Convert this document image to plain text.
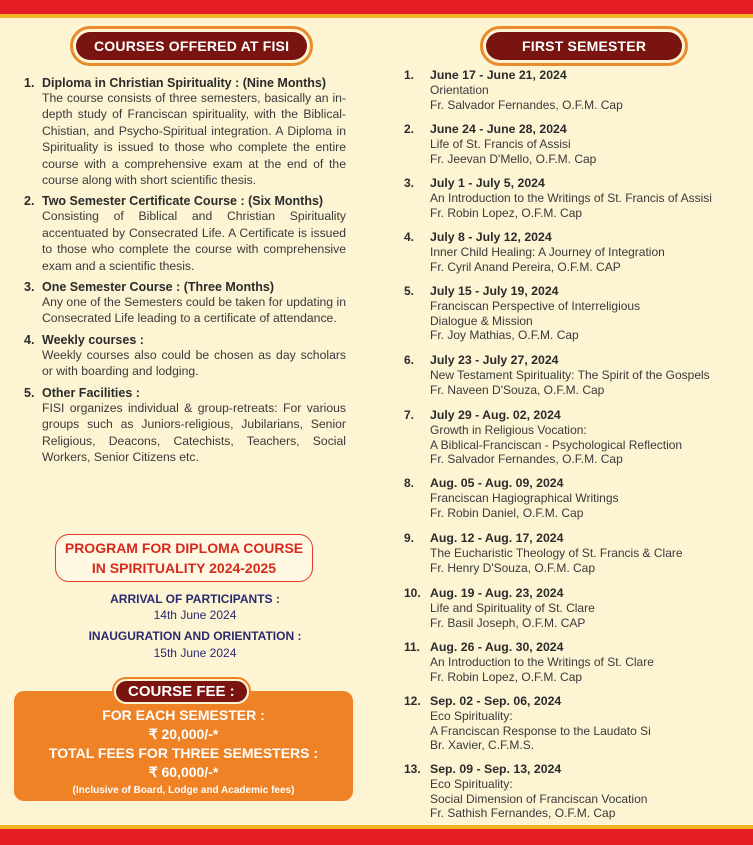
COURSES OFFERED AT FISI	FIRST SEMESTER
1. Diploma in Christian Spirituality : (Nine Months)
The course consists of three semesters, basically an in-depth study of Franciscan spirituality, with the Biblical-Chistian, and Psycho-Spiritual integration. A Diploma in Spirituality is issued to those who complete the entire course with a comprehensive exam at the end of the course along with short scientific thesis.
2. Two Semester Certificate Course : (Six Months)
Consisting of Biblical and Christian Spirituality accentuated by Consecrated Life. A Certificate is issued to those who complete the course with comprehensive exam and a scientific thesis.
3. One Semester Course : (Three Months)
Any one of the Semesters could be taken for updating in Consecrated Life leading to a certificate of attendance.
4. Weekly courses :
Weekly courses also could be chosen as day scholars or with boarding and lodging.
5. Other Facilities :
FISI organizes individual & group-retreats: For various groups such as Juniors-religious, Jubilarians, Senior Religious, Deacons, Catechists, Teachers, Social Workers, Senior Citizens etc.
PROGRAM FOR DIPLOMA COURSE
IN SPIRITUALITY 2024-2025
ARRIVAL OF PARTICIPANTS :
14th June 2024
INAUGURATION AND ORIENTATION :
15th June 2024
FOR EACH SEMESTER :
₹ 20,000/-*
TOTAL FEES FOR THREE SEMESTERS :
₹ 60,000/-*
(Inclusive of Board, Lodge and Academic fees)
COURSE FEE :
1.	June 17 - June 21, 2024
Orientation
Fr. Salvador Fernandes, O.F.M. Cap
2.	June 24 - June 28, 2024
Life of St. Francis of Assisi
Fr. Jeevan D'Mello, O.F.M. Cap
3.	July 1 - July 5, 2024
An Introduction to the Writings of St. Francis of Assisi
Fr. Robin Lopez, O.F.M. Cap
4.	July 8 - July 12, 2024
Inner Child Healing: A Journey of Integration
Fr. Cyril Anand Pereira, O.F.M. CAP
5.	July 15 - July 19, 2024
Franciscan Perspective of Interreligious
Dialogue & Mission
Fr. Joy Mathias, O.F.M. Cap
6.	July 23 - July 27, 2024
New Testament Spirituality: The Spirit of the Gospels
Fr. Naveen D'Souza, O.F.M. Cap
7.	July 29 - Aug. 02, 2024
Growth in Religious Vocation:
A Biblical-Franciscan - Psychological Reflection
Fr. Salvador Fernandes, O.F.M. Cap
8.	Aug. 05 - Aug. 09, 2024
Franciscan Hagiographical Writings
Fr. Robin Daniel, O.F.M. Cap
9.	Aug. 12 - Aug. 17, 2024
The Eucharistic Theology of St. Francis & Clare
Fr. Henry D'Souza, O.F.M. Cap
10. Aug. 19 - Aug. 23, 2024
Life and Spirituality of St. Clare
Fr. Basil Joseph, O.F.M. CAP
11. Aug. 26 - Aug. 30, 2024
An Introduction to the Writings of St. Clare
Fr. Robin Lopez, O.F.M. Cap
12. Sep. 02 - Sep. 06, 2024
Eco Spirituality:
A Franciscan Response to the Laudato Si
Br. Xavier, C.F.M.S.
13. Sep. 09 - Sep. 13, 2024
Eco Spirituality:
Social Dimension of Franciscan Vocation
Fr. Sathish Fernandes, O.F.M. Cap
